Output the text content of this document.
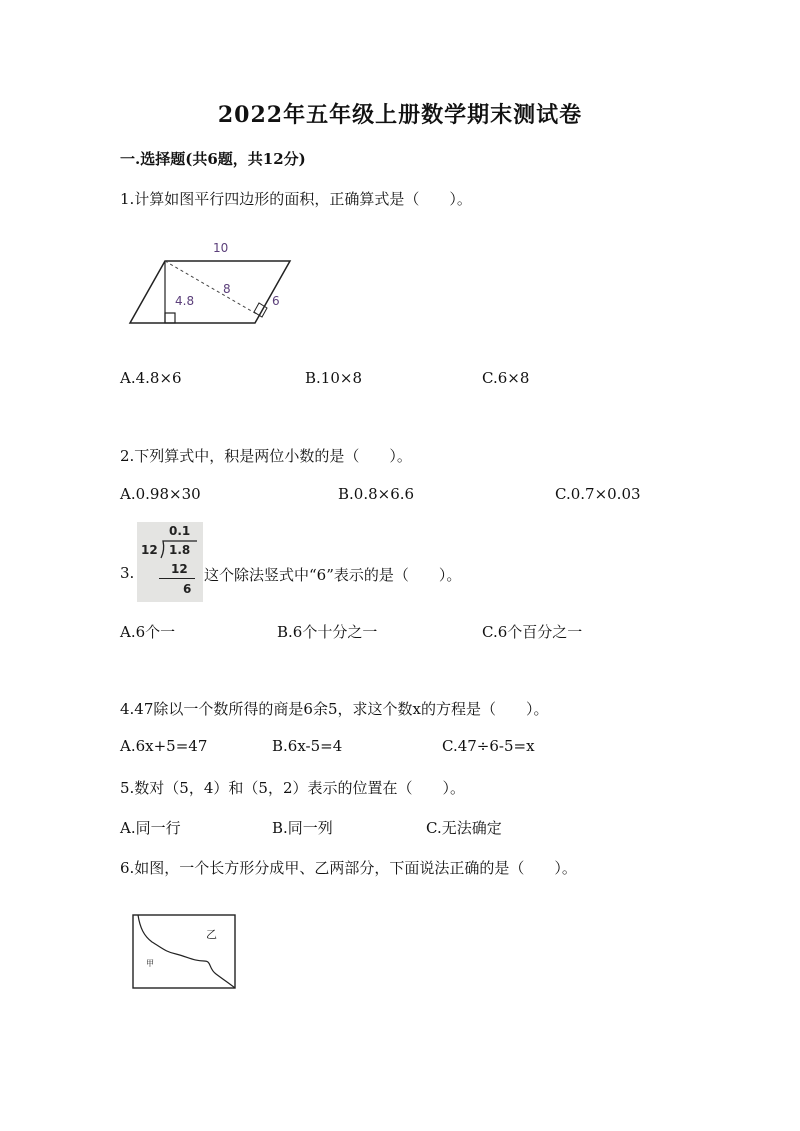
2022年五年级上册数学期末测试卷
一.选择题(共6题，共12分)
1.计算如图平行四边形的面积，正确算式是（　　）。
10
8
4.8	6
A.4.8×6	B.10×8	C.6×8
2.下列算式中，积是两位小数的是（　　）。
A.0.98×30	B.0.8×6.6	C.0.7×0.03
3.
0.1
12 1.8
12
6
这个除法竖式中“6”表示的是（　　）。
A.6个一	B.6个十分之一	C.6个百分之一
4.47除以一个数所得的商是6余5，求这个数x的方程是（　　）。
A.6x+5=47	B.6x-5=4	C.47÷6-5=x
5.数对（5，4）和（5，2）表示的位置在（　　）。
A.同一行	B.同一列	C.无法确定
6.如图，一个长方形分成甲、乙两部分，下面说法正确的是（　　）。
乙
甲
